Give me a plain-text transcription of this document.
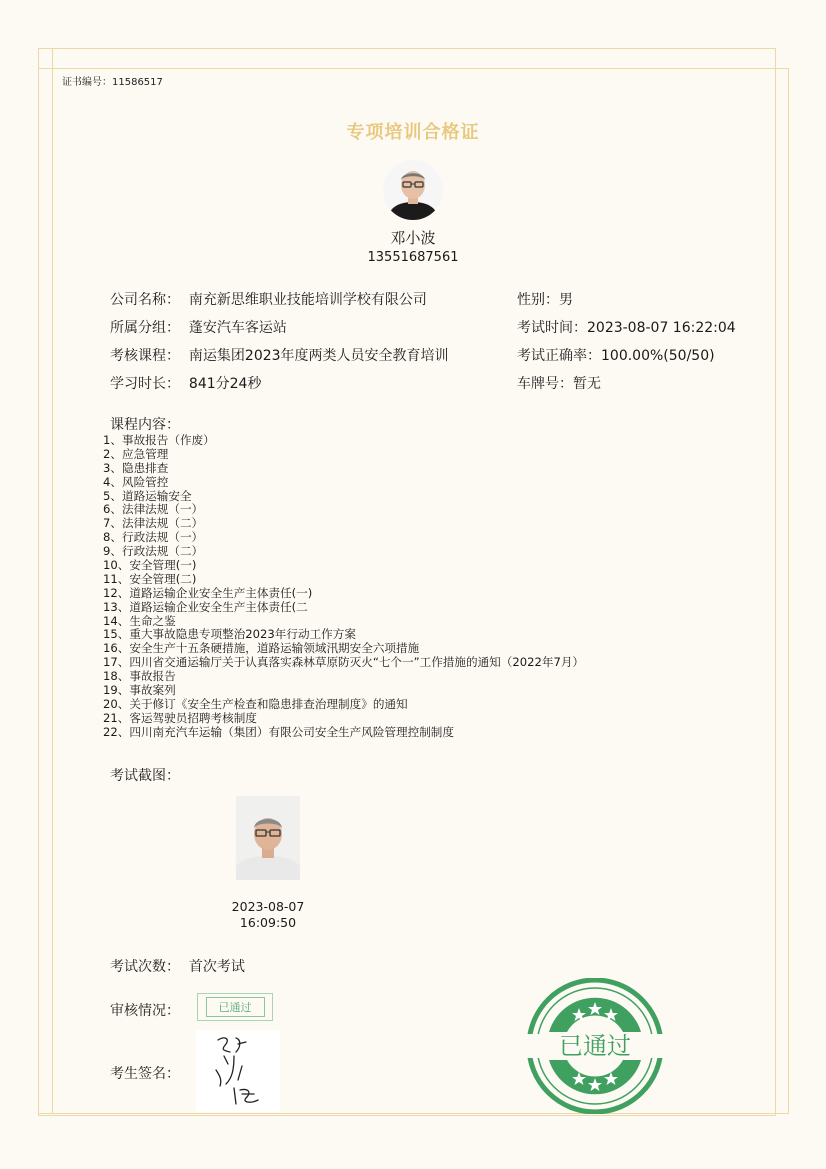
证书编号：11586517
专项培训合格证
邓小波
13551687561
公司名称： 南充新思维职业技能培训学校有限公司	性别：男
所属分组： 蓬安汽车客运站	考试时间：2023-08-07 16:22:04
考核课程： 南运集团2023年度两类人员安全教育培训	考试正确率：100.00%(50/50)
学习时长： 841分24秒	车牌号：暂无
课程内容：
1、事故报告（作废）
2、应急管理
3、隐患排查
4、风险管控
5、道路运输安全
6、法律法规（一）
7、法律法规（二）
8、行政法规（一）
9、行政法规（二）
10、安全管理(一)
11、安全管理(二)
12、道路运输企业安全生产主体责任(一)
13、道路运输企业安全生产主体责任(二
14、生命之鉴
15、重大事故隐患专项整治2023年行动工作方案
16、安全生产十五条硬措施，道路运输领域汛期安全六项措施
17、四川省交通运输厅关于认真落实森林草原防灭火“七个一”工作措施的通知（2022年7月）
18、事故报告
19、事故案列
20、关于修订《安全生产检查和隐患排查治理制度》的通知
21、客运驾驶员招聘考核制度
22、四川南充汽车运输（集团）有限公司安全生产风险管理控制制度
考试截图：
2023-08-07
16:09:50
考试次数： 首次考试
审核情况：	已通过
考生签名：
已通过
